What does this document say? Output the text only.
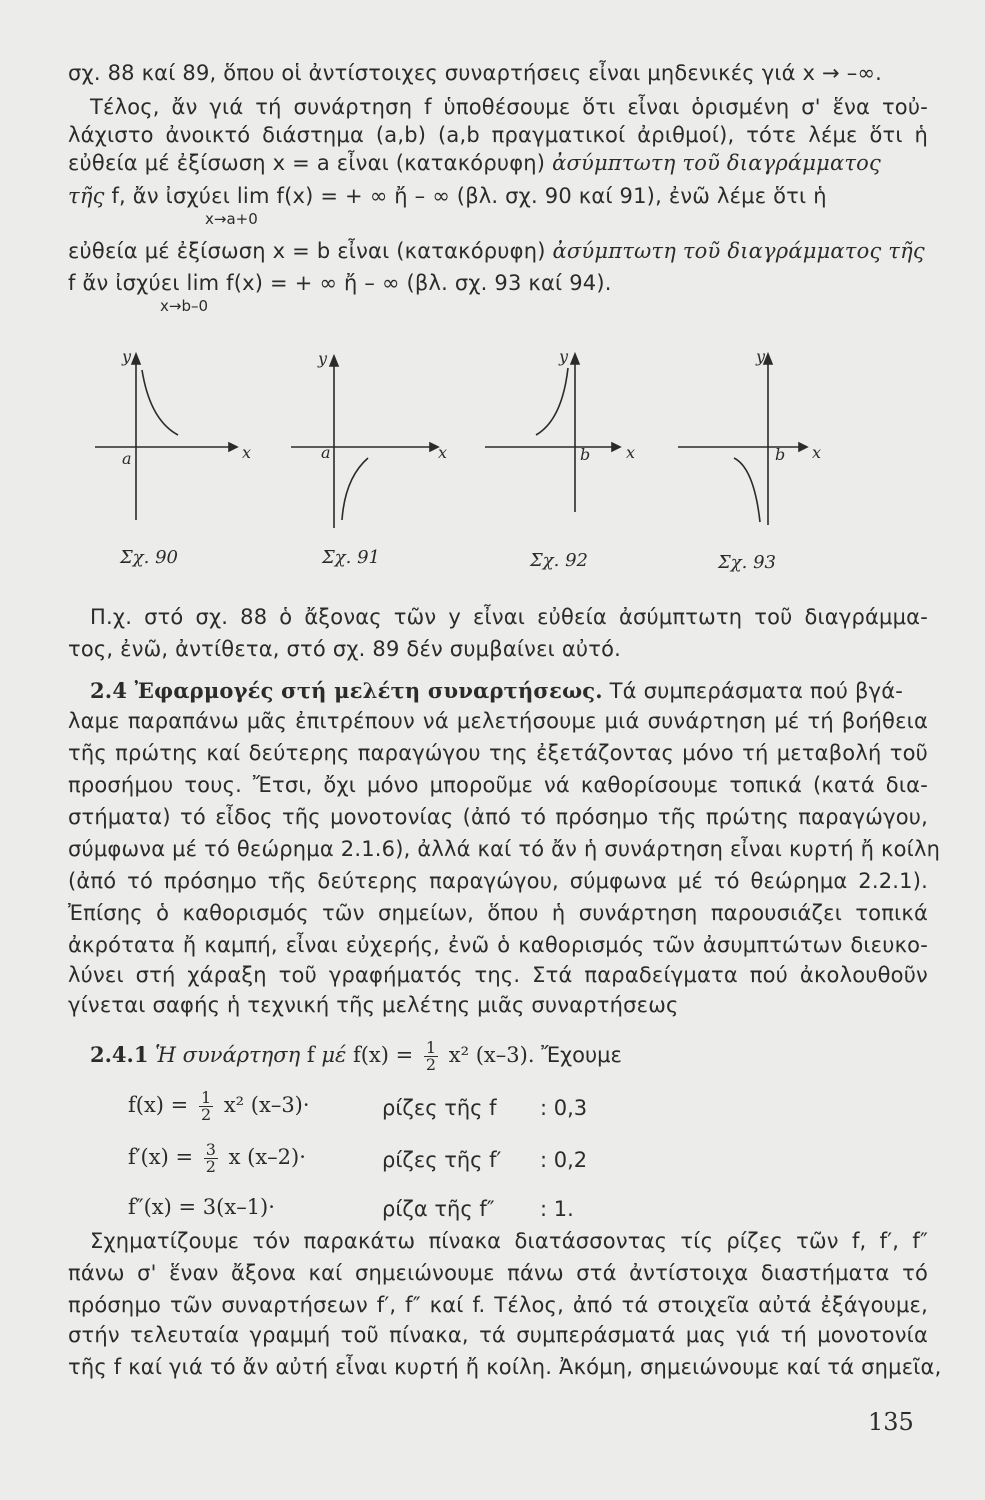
σχ. 88 καί 89, ὅπου οἱ ἀντίστοιχες συναρτήσεις εἶναι μηδενικές γιά x → –∞.
Τέλος, ἄν γιά τή συνάρτηση f ὑποθέσουμε ὅτι εἶναι ὁρισμένη σ' ἕνα τοὐ-
λάχιστο ἀνοικτό διάστημα (a,b) (a,b πραγματικοί ἀριθμοί), τότε λέμε ὅτι ἡ
εὐθεία μέ ἐξίσωση x = a εἶναι (κατακόρυφη) ἀσύμπτωτη τοῦ διαγράμματος
τῆς f, ἄν ἰσχύει lim f(x) = + ∞ ἤ – ∞ (βλ. σχ. 90 καί 91), ἐνῶ λέμε ὅτι ἡ
x→a+0
εὐθεία μέ ἐξίσωση x = b εἶναι (κατακόρυφη) ἀσύμπτωτη τοῦ διαγράμματος τῆς
f ἄν ἰσχύει lim f(x) = + ∞ ἤ – ∞ (βλ. σχ. 93 καί 94).
x→b–0
y
x
a
y
x
a
y
x
b
y
x
b
Σχ. 90	Σχ. 91	Σχ. 92	Σχ. 93
Π.χ. στό σχ. 88 ὁ ἄξονας τῶν y εἶναι εὐθεία ἀσύμπτωτη τοῦ διαγράμμα-
τος, ἐνῶ, ἀντίθετα, στό σχ. 89 δέν συμβαίνει αὐτό.
2.4 Ἐφαρμογές στή μελέτη συναρτήσεως. Τά συμπεράσματα πού βγά-
λαμε παραπάνω μᾶς ἐπιτρέπουν νά μελετήσουμε μιά συνάρτηση μέ τή βοήθεια
τῆς πρώτης καί δεύτερης παραγώγου της ἐξετάζοντας μόνο τή μεταβολή τοῦ
προσήμου τους. Ἔτσι, ὄχι μόνο μποροῦμε νά καθορίσουμε τοπικά (κατά δια-
στήματα) τό εἶδος τῆς μονοτονίας (ἀπό τό πρόσημο τῆς πρώτης παραγώγου,
σύμφωνα μέ τό θεώρημα 2.1.6), ἀλλά καί τό ἄν ἡ συνάρτηση εἶναι κυρτή ἤ κοίλη
(ἀπό τό πρόσημο τῆς δεύτερης παραγώγου, σύμφωνα μέ τό θεώρημα 2.2.1).
Ἐπίσης ὁ καθορισμός τῶν σημείων, ὅπου ἡ συνάρτηση παρουσιάζει τοπικά
ἀκρότατα ἤ καμπή, εἶναι εὐχερής, ἐνῶ ὁ καθορισμός τῶν ἀσυμπτώτων διευκο-
λύνει στή χάραξη τοῦ γραφήματός της. Στά παραδείγματα πού ἀκολουθοῦν
γίνεται σαφής ἡ τεχνική τῆς μελέτης μιᾶς συναρτήσεως
2.4.1 Ἡ συνάρτηση f μέ $f(x) = \frac{1}{2} x^2$ (x–3). Ἔχουμε
$f(x) = \frac{1}{2} x^2$ (x–3)·	ρίζες τῆς f : 0,3
$f'(x) = \frac{3}{2}$ x (x–2)·	ρίζες τῆς f′ : 0,2
f″(x) = 3(x–1)·	ρίζα τῆς f″ : 1.
Σχηματίζουμε τόν παρακάτω πίνακα διατάσσοντας τίς ρίζες τῶν f, f′, f″
πάνω σ' ἕναν ἄξονα καί σημειώνουμε πάνω στά ἀντίστοιχα διαστήματα τό
πρόσημο τῶν συναρτήσεων f′, f″ καί f. Τέλος, ἀπό τά στοιχεῖα αὐτά ἐξάγουμε,
στήν τελευταία γραμμή τοῦ πίνακα, τά συμπεράσματά μας γιά τή μονοτονία
τῆς f καί γιά τό ἄν αὐτή εἶναι κυρτή ἤ κοίλη. Ἀκόμη, σημειώνουμε καί τά σημεῖα,
135
